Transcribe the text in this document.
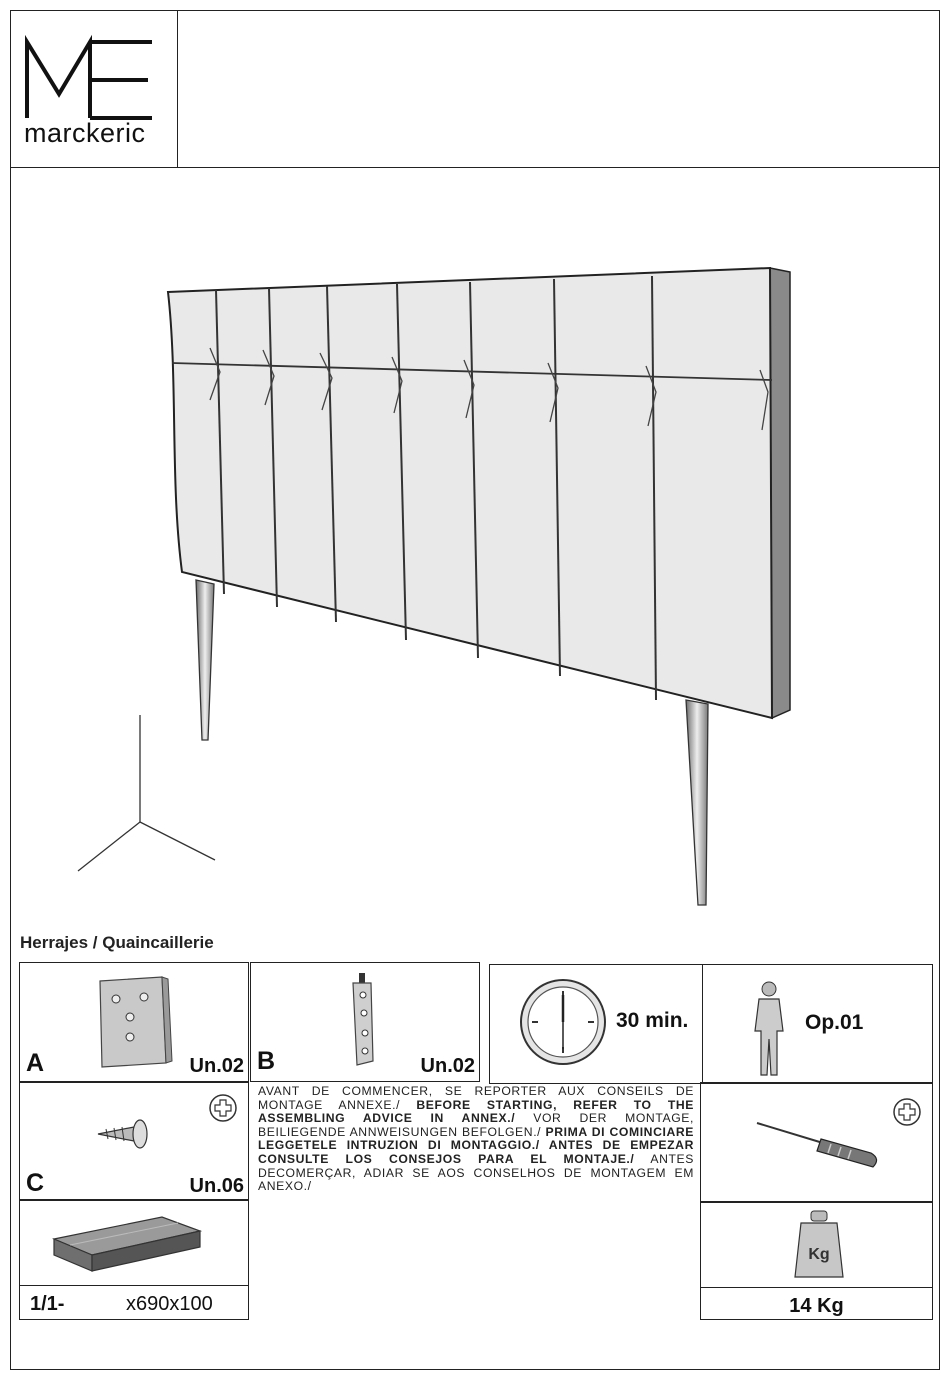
marckeric
Herrajes / Quaincaillerie
A	Un.02 B	Un.02
30 min.	Op.01
C	Un.06
AVANT DE COMMENCER, SE REPORTER AUX CONSEILS DE MONTAGE ANNEXE./ BEFORE STARTING, REFER TO THE ASSEMBLING ADVICE IN ANNEX./ VOR DER MONTAGE, BEILIEGENDE ANNWEISUNGEN BEFOLGEN./ PRIMA DI COMINCIARE LEGGETELE INTRUZION DI MONTAGGIO./ ANTES DE EMPEZAR CONSULTE LOS CONSEJOS PARA EL MONTAJE./ ANTES DECOMERÇAR, ADIAR SE AOS CONSELHOS DE MONTAGEM EM ANEXO./
1/1-	x690x100
Kg
14 Kg
